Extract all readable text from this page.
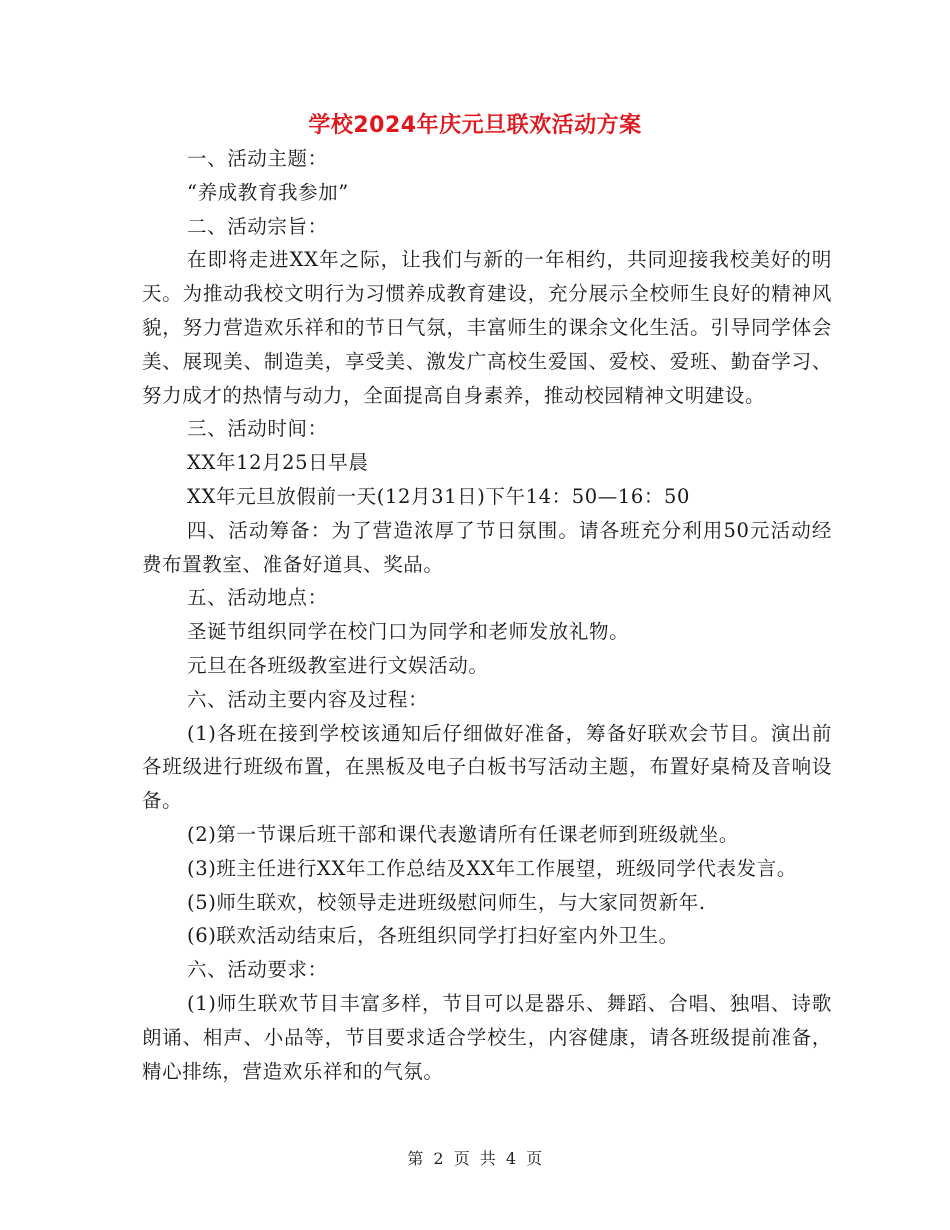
学校2024年庆元旦联欢活动方案

一、活动主题：

“养成教育我参加”

二、活动宗旨：

在即将走进XX年之际，让我们与新的一年相约，共同迎接我校美好的明天。为推动我校文明行为习惯养成教育建设，充分展示全校师生良好的精神风貌，努力营造欢乐祥和的节日气氛，丰富师生的课余文化生活。引导同学体会美、展现美、制造美，享受美、激发广高校生爱国、爱校、爱班、勤奋学习、努力成才的热情与动力，全面提高自身素养，推动校园精神文明建设。

三、活动时间：

XX年12月25日早晨

XX年元旦放假前一天(12月31日)下午14：50—16：50

四、活动筹备：为了营造浓厚了节日氛围。请各班充分利用50元活动经费布置教室、准备好道具、奖品。

五、活动地点：

圣诞节组织同学在校门口为同学和老师发放礼物。

元旦在各班级教室进行文娱活动。

六、活动主要内容及过程：

(1)各班在接到学校该通知后仔细做好准备，筹备好联欢会节目。演出前各班级进行班级布置，在黑板及电子白板书写活动主题，布置好桌椅及音响设备。

(2)第一节课后班干部和课代表邀请所有任课老师到班级就坐。

(3)班主任进行XX年工作总结及XX年工作展望，班级同学代表发言。

(5)师生联欢，校领导走进班级慰问师生，与大家同贺新年.

(6)联欢活动结束后，各班组织同学打扫好室内外卫生。

六、活动要求：

(1)师生联欢节目丰富多样，节目可以是器乐、舞蹈、合唱、独唱、诗歌朗诵、相声、小品等，节目要求适合学校生，内容健康，请各班级提前准备，精心排练，营造欢乐祥和的气氛。

第 2 页 共 4 页
